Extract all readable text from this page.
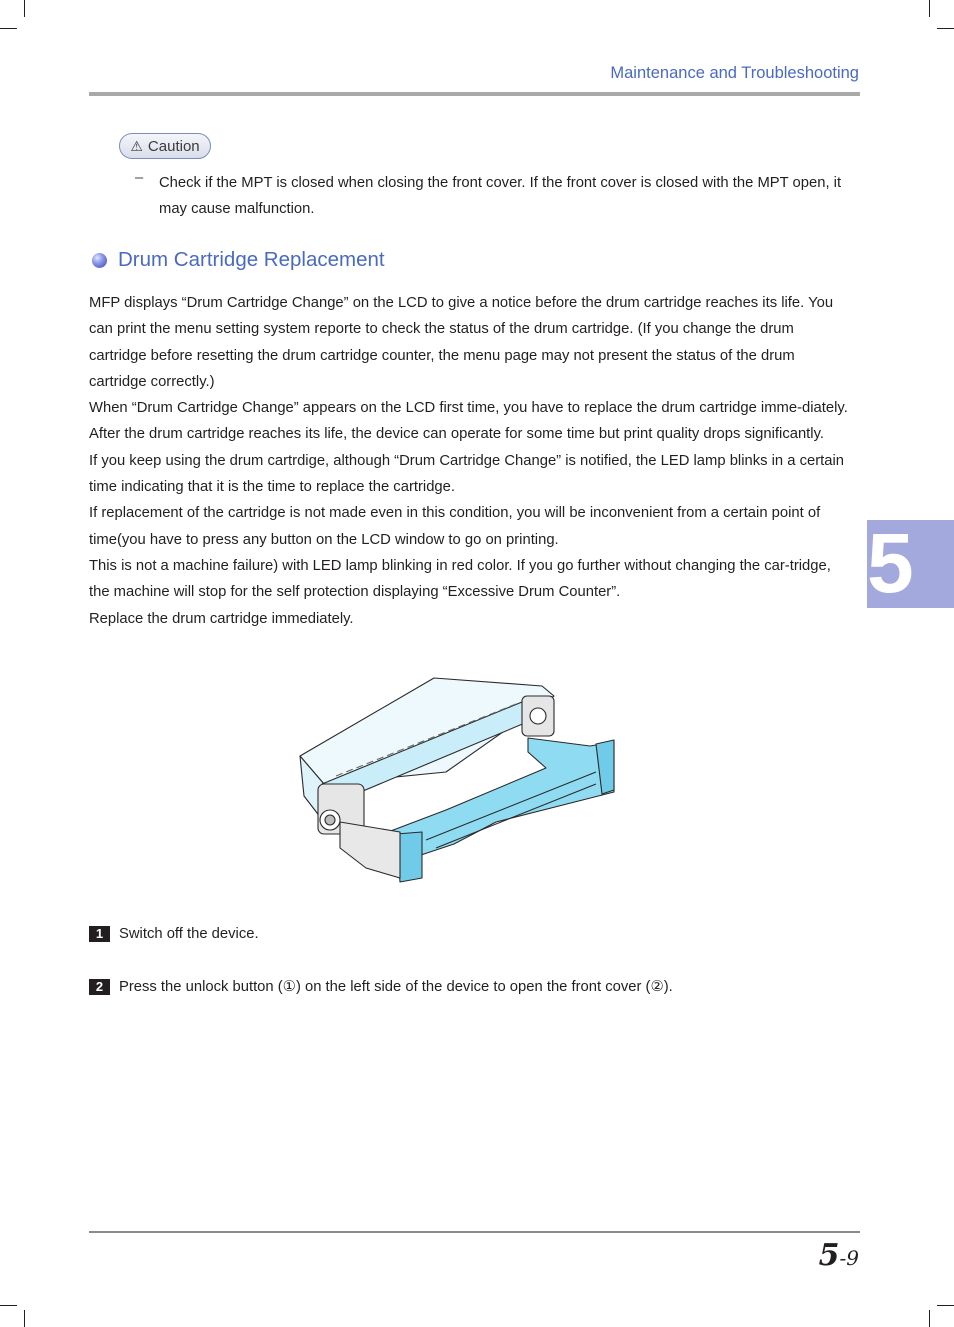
Maintenance and Troubleshooting
⚠ Caution
– Check if the MPT is closed when closing the front cover. If the front cover is closed with the MPT open, it may cause malfunction.
Drum Cartridge Replacement

MFP displays “Drum Cartridge Change” on the LCD to give a notice before the drum cartridge reaches its life. You can print the menu setting system reporte to check the status of the drum cartridge. (If you change the drum cartridge before resetting the drum cartridge counter, the menu page may not present the status of the drum cartridge correctly.)

When “Drum Cartridge Change” appears on the LCD first time, you have to replace the drum cartridge imme-diately. After the drum cartridge reaches its life, the device can operate for some time but print quality drops significantly.

If you keep using the drum cartrdige, although “Drum Cartridge Change” is notified, the LED lamp blinks in a certain time indicating that it is the time to replace the cartridge.

If replacement of the cartridge is not made even in this condition, you will be inconvenient from a certain point of time(you have to press any button on the LCD window to go on printing.

This is not a machine failure) with LED lamp blinking in red color. If you go further without changing the car-tridge, the machine will stop for the self protection displaying “Excessive Drum Counter”.

Replace the drum cartridge immediately.

5
1	Switch off the device.
2	Press the unlock button (①) on the left side of the device to open the front cover (②).
5-9
